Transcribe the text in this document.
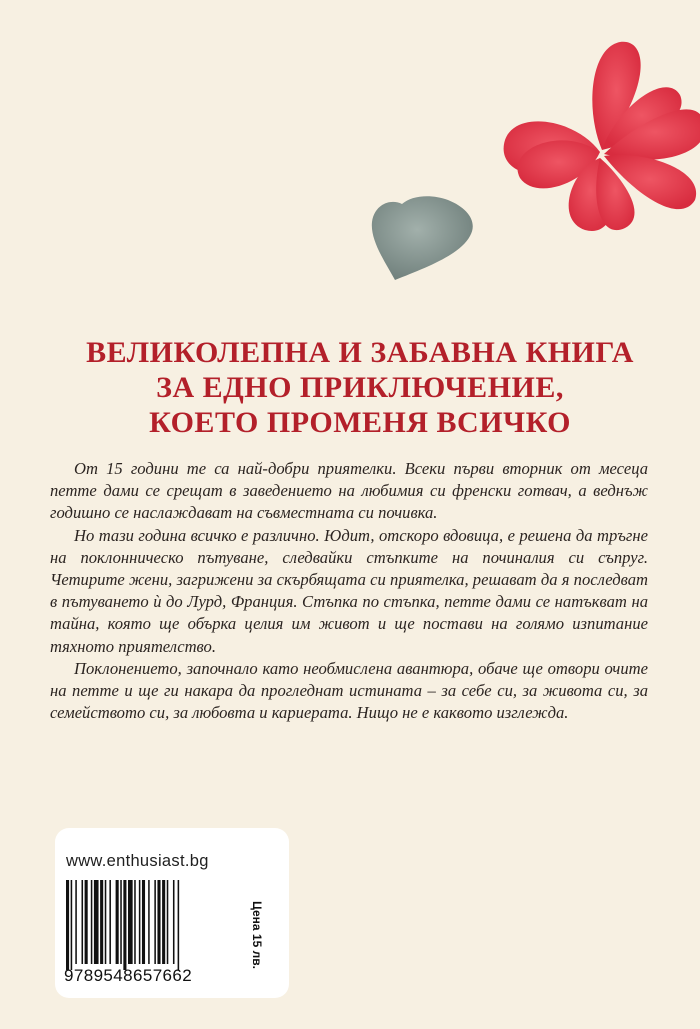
ВЕЛИКОЛЕПНА И ЗАБАВНА КНИГА
ЗА ЕДНО ПРИКЛЮЧЕНИЕ,
КОЕТО ПРОМЕНЯ ВСИЧКО

От 15 години те са най-добри приятелки. Всеки първи вторник от месеца петте дами се срещат в заведението на любимия си френски готвач, а веднъж годишно се наслаждават на съвместната си почивка.

Но тази година всичко е различно. Юдит, отскоро вдовица, е решена да тръгне на поклонническо пътуване, следвайки стъпките на починалия си съпруг. Четирите жени, загрижени за скърбящата си приятелка, решават да я последват в пътуването ѝ до Лурд, Франция. Стъпка по стъпка, петте дами се натъкват на тайна, която ще обърка целия им живот и ще постави на голямо изпитание тяхното приятелство.

Поклонението, започнало като необмислена авантюра, обаче ще отвори очите на петте и ще ги накара да прогледнат истината – за себе си, за живота си, за семейството си, за любовта и кариерата. Нищо не е каквото изглежда.

www.enthusiast.bg
9789548657662
Цена 15 лв.
